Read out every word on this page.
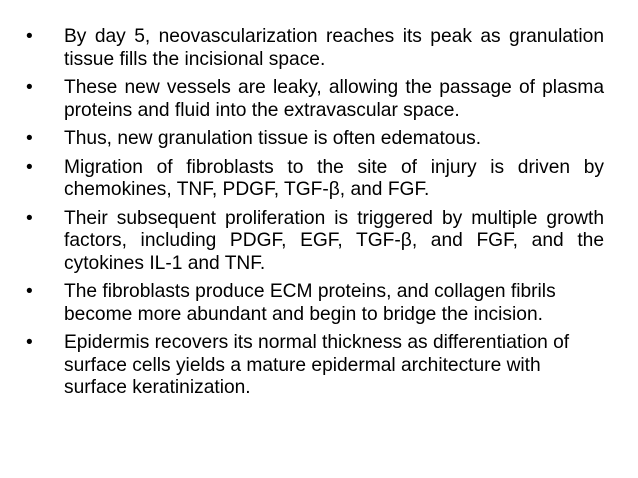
•	By day 5, neovascularization reaches its peak as granulation tissue fills the incisional space.
•	These new vessels are leaky, allowing the passage of plasma proteins and fluid into the extravascular space.
•	Thus, new granulation tissue is often edematous.
•	Migration of fibroblasts to the site of injury is driven by chemokines, TNF, PDGF, TGF-β, and FGF.
•	Their subsequent proliferation is triggered by multiple growth factors, including PDGF, EGF, TGF-β, and FGF, and the cytokines IL-1 and TNF.
•	The fibroblasts produce ECM proteins, and collagen fibrils become more abundant and begin to bridge the incision.
•	Epidermis recovers its normal thickness as differentiation of surface cells yields a mature epidermal architecture with surface keratinization.
